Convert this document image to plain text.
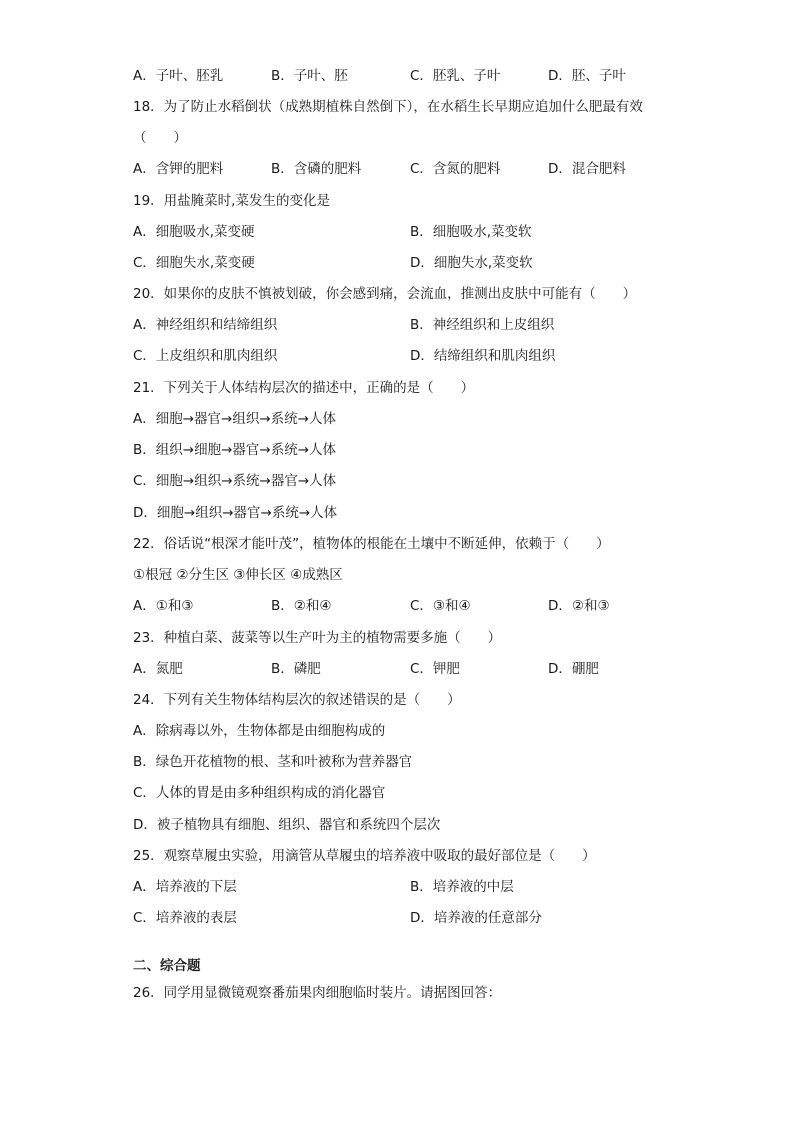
A．子叶、胚乳	B．子叶、胚	C．胚乳、子叶	D．胚、子叶
18．为了防止水稻倒状（成熟期植株自然倒下），在水稻生长早期应追加什么肥最有效
（　　）
A．含钾的肥料	B．含磷的肥料	C．含氮的肥料	D．混合肥料
19．用盐腌菜时,菜发生的变化是
A．细胞吸水,菜变硬	B．细胞吸水,菜变软
C．细胞失水,菜变硬	D．细胞失水,菜变软
20．如果你的皮肤不慎被划破，你会感到痛，会流血，推测出皮肤中可能有（　　）
A．神经组织和结缔组织	B．神经组织和上皮组织
C．上皮组织和肌肉组织	D．结缔组织和肌肉组织
21．下列关于人体结构层次的描述中，正确的是（　　）
A．细胞→器官→组织→系统→人体
B．组织→细胞→器官→系统→人体
C．细胞→组织→系统→器官→人体
D．细胞→组织→器官→系统→人体
22．俗话说“根深才能叶茂”，植物体的根能在土壤中不断延伸，依赖于（　　）
①根冠 ②分生区 ③伸长区 ④成熟区
A．①和③	B．②和④	C．③和④	D．②和③
23．种植白菜、菠菜等以生产叶为主的植物需要多施（　　）
A．氮肥	B．磷肥	C．钾肥	D．硼肥
24．下列有关生物体结构层次的叙述错误的是（　　）
A．除病毒以外，生物体都是由细胞构成的
B．绿色开花植物的根、茎和叶被称为营养器官
C．人体的胃是由多种组织构成的消化器官
D．被子植物具有细胞、组织、器官和系统四个层次
25．观察草履虫实验，用滴管从草履虫的培养液中吸取的最好部位是（　　）
A．培养液的下层	B．培养液的中层
C．培养液的表层	D．培养液的任意部分
二、综合题
26．同学用显微镜观察番茄果肉细胞临时装片。请据图回答：
